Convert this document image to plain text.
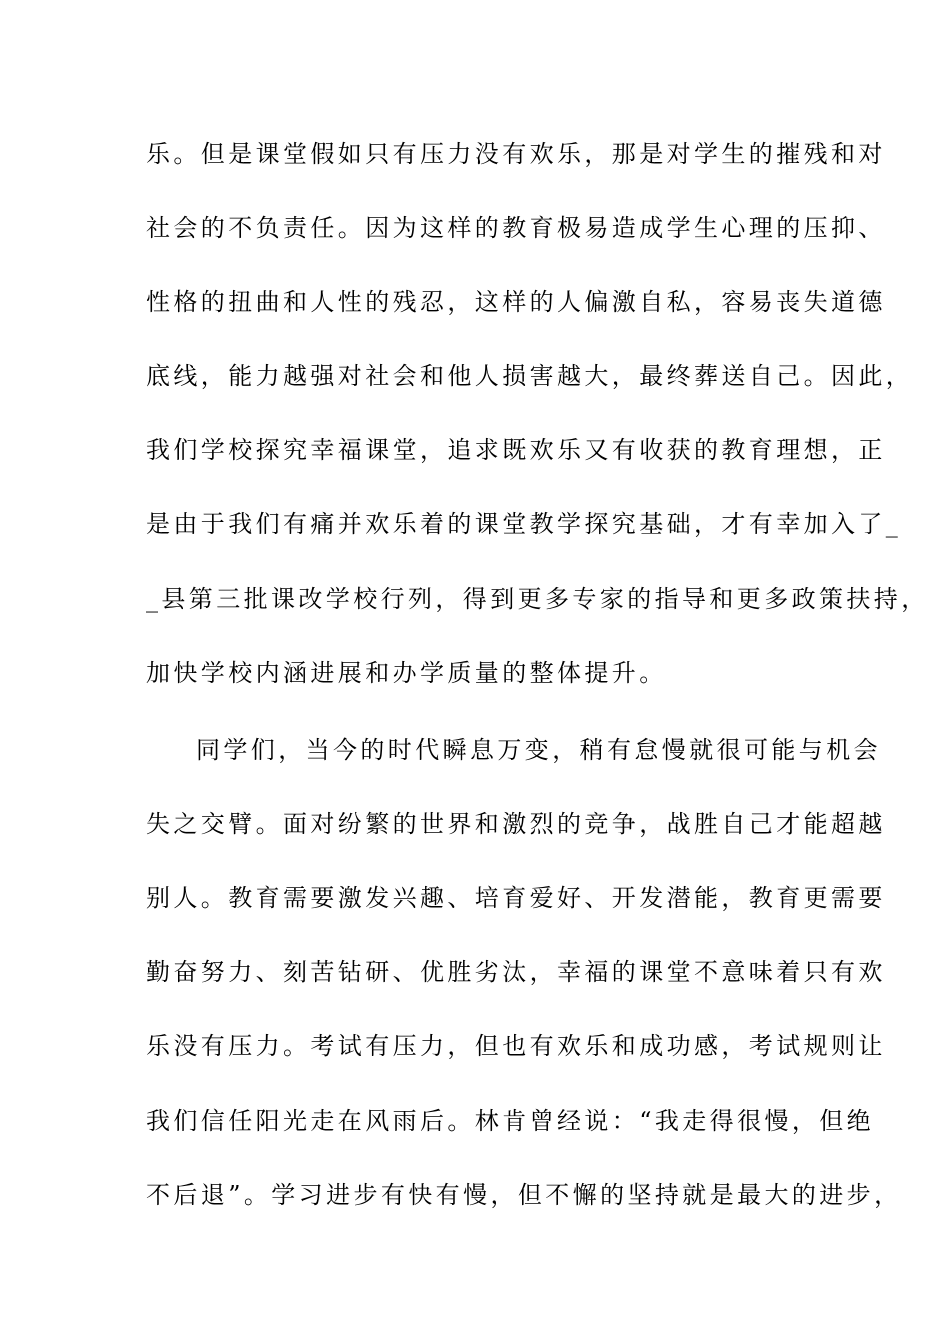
乐。但是课堂假如只有压力没有欢乐，那是对学生的摧残和对
社会的不负责任。因为这样的教育极易造成学生心理的压抑、
性格的扭曲和人性的残忍，这样的人偏激自私，容易丧失道德
底线，能力越强对社会和他人损害越大，最终葬送自己。因此，
我们学校探究幸福课堂，追求既欢乐又有收获的教育理想，正
是由于我们有痛并欢乐着的课堂教学探究基础，才有幸加入了_
_县第三批课改学校行列，得到更多专家的指导和更多政策扶持，
加快学校内涵进展和办学质量的整体提升。
同学们，当今的时代瞬息万变，稍有怠慢就很可能与机会
失之交臂。面对纷繁的世界和激烈的竞争，战胜自己才能超越
别人。教育需要激发兴趣、培育爱好、开发潜能，教育更需要
勤奋努力、刻苦钻研、优胜劣汰，幸福的课堂不意味着只有欢
乐没有压力。考试有压力，但也有欢乐和成功感，考试规则让
我们信任阳光走在风雨后。林肯曾经说：“我走得很慢，但绝
不后退”。学习进步有快有慢，但不懈的坚持就是最大的进步，
